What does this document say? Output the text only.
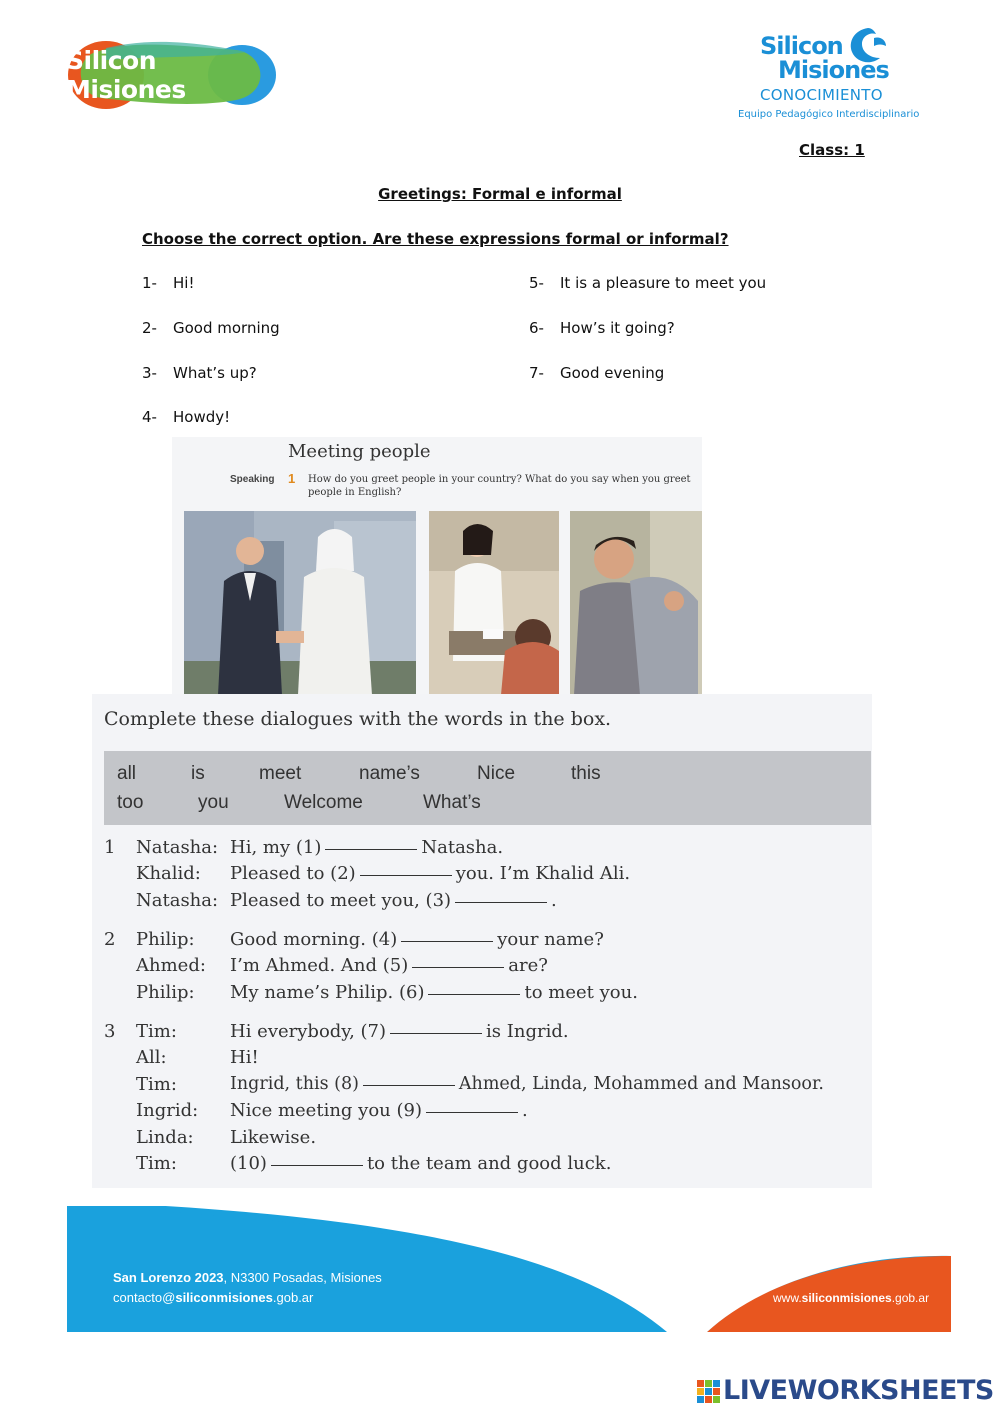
Silicon Misiones
Silicon
Misiones
CONOCIMIENTO
Equipo Pedagógico Interdisciplinario
Class: 1
Greetings: Formal e informal
Choose the correct option. Are these expressions formal or informal?
1- Hi!
2- Good morning
3- What’s up?
4- Howdy!
5- It is a pleasure to meet you
6- How’s it going?
7- Good evening
Meeting people
Speaking 1 How do you greet people in your country? What do you say when you greet people in English?
Complete these dialogues with the words in the box.
all	is	meet	name’s	Nice	this
too	you	Welcome	What’s
1 Natasha: Hi, my (1)	Natasha.
Khalid: Pleased to (2)	you. I’m Khalid Ali.
Natasha: Pleased to meet you, (3)	.
2 Philip: Good morning. (4)	your name?
Ahmed: I’m Ahmed. And (5)	are?
Philip: My name’s Philip. (6)	to meet you.
3 Tim:	Hi everybody, (7)	is Ingrid.
All:	Hi!
Tim:	Ingrid, this (8)	Ahmed, Linda, Mohammed and Mansoor.
Ingrid: Nice meeting you (9)	.
Linda: Likewise.
Tim:	(10)	to the team and good luck.
San Lorenzo 2023, N3300 Posadas, Misiones
contacto@siliconmisiones.gob.ar	www.siliconmisiones.gob.ar
LIVEWORKSHEETS
